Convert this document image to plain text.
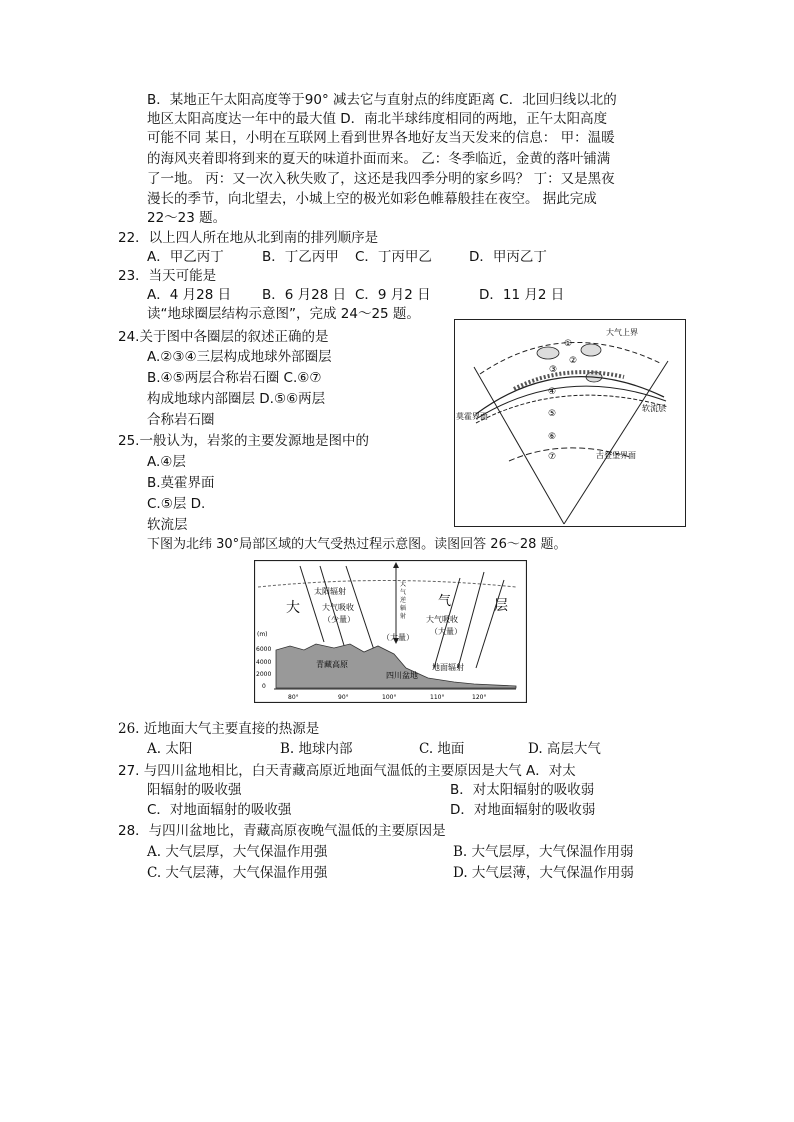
B．某地正午太阳高度等于90° 减去它与直射点的纬度距离 C．北回归线以北的
地区太阳高度达一年中的最大值 D．南北半球纬度相同的两地，正午太阳高度
可能不同 某日，小明在互联网上看到世界各地好友当天发来的信息： 甲：温暖
的海风夹着即将到来的夏天的味道扑面而来。 乙：冬季临近，金黄的落叶铺满
了一地。 丙：又一次入秋失败了，这还是我四季分明的家乡吗？ 丁：又是黑夜
漫长的季节，向北望去，小城上空的极光如彩色帷幕般挂在夜空。 据此完成
22～23 题。
22．以上四人所在地从北到南的排列顺序是
A．甲乙丙丁	B．丁乙丙甲 C．丁丙甲乙	D．甲丙乙丁
23．当天可能是
A．4 月28 日 B．6 月28 日 C．9 月2 日	D．11 月2 日
读“地球圈层结构示意图”，完成 24～25 题。
24.关于图中各圈层的叙述正确的是
A.②③④三层构成地球外部圈层
B.④⑤两层合称岩石圈 C.⑥⑦
构成地球内部圈层 D.⑤⑥两层
合称岩石圈
25.一般认为，岩浆的主要发源地是图中的
A.④层
B.莫霍界面
C.⑤层 D.
软流层
大气上界
①
②
③
④
⑤
⑥
莫霍界面
软流层
⑦	古登堡界面
下图为北纬 30°局部区域的大气受热过程示意图。读图回答 26～28 题。
大	气	层
太阳辐射
大气吸收
（少量）
大
气
逆
辐
射
（大量）
大气吸收
（大量）
青藏高原
四川盆地
地面辐射
(m)
6000
4000
2000
0
80°	90°	100°	110°	120°
26. 近地面大气主要直接的热源是
A. 太阳	B. 地球内部	C. 地面	D. 高层大气
27. 与四川盆地相比，白天青藏高原近地面气温低的主要原因是大气 A．对太
阳辐射的吸收强	B．对太阳辐射的吸收弱
C．对地面辐射的吸收强	D．对地面辐射的吸收弱
28．与四川盆地比，青藏高原夜晚气温低的主要原因是
A. 大气层厚，大气保温作用强	B. 大气层厚，大气保温作用弱
C. 大气层薄，大气保温作用强	D. 大气层薄，大气保温作用弱
